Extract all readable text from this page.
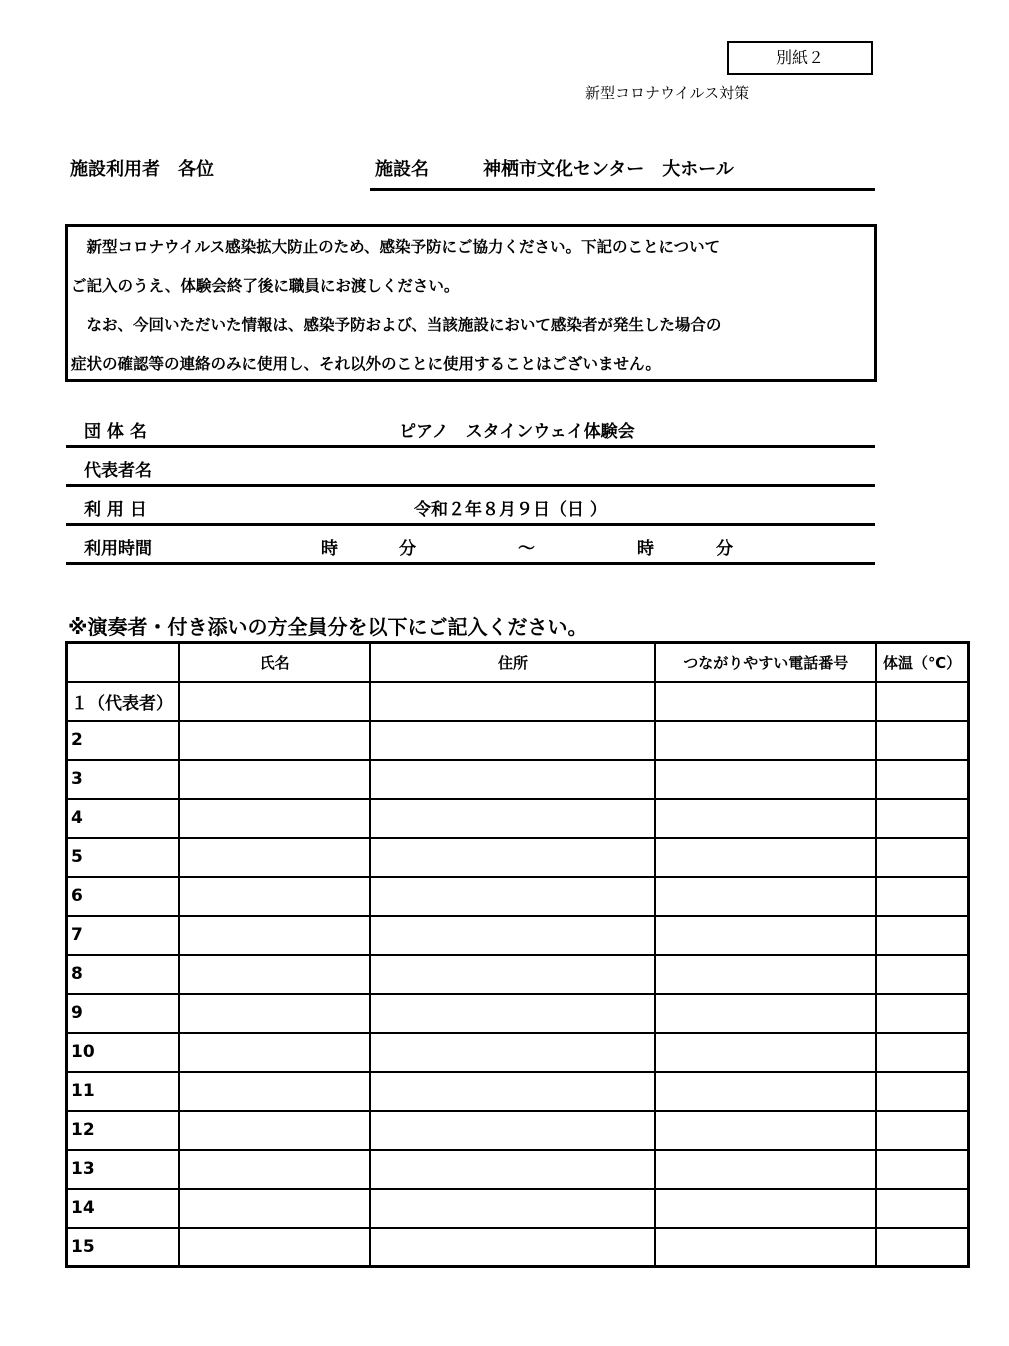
別紙２
新型コロナウイルス対策
施設利用者　各位	施設名	神栖市文化センター　大ホール
　新型コロナウイルス感染拡大防止のため、感染予防にご協力ください。下記のことについて
ご記入のうえ、体験会終了後に職員にお渡しください。
　なお、今回いただいた情報は、感染予防および、当該施設において感染者が発生した場合の
症状の確認等の連絡のみに使用し、それ以外のことに使用することはございません。
団 体 名	ピアノ　スタインウェイ体験会
代表者名
利 用 日	令和２年８月９日（日 ）
利用時間	時	分	～	時	分
※演奏者・付き添いの方全員分を以下にご記入ください。
	氏名	住所	つながりやすい電話番号	体温（℃）
１（代表者）				
2				
3				
4				
5				
6				
7				
8				
9				
10				
11				
12				
13				
14				
15				
